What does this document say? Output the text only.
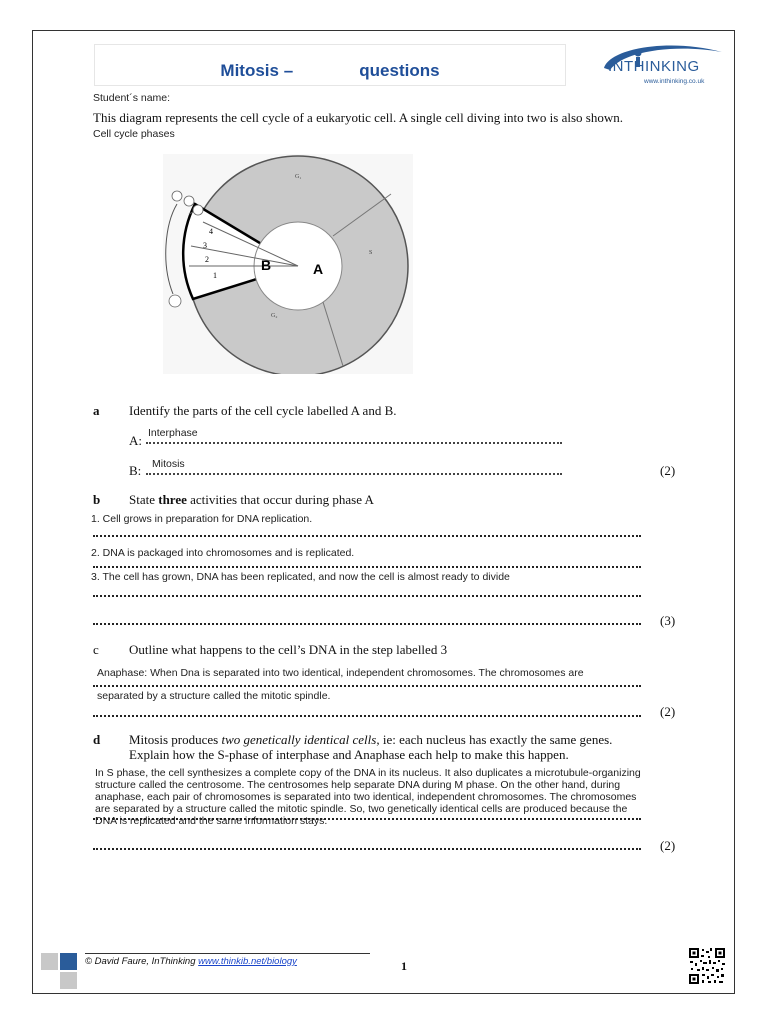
Mitosis –	questions	INTHINKING
www.inthinking.co.uk
Student´s name:
This diagram represents the cell cycle of a eukaryotic cell. A single cell diving into two is also shown.
Cell cycle phases
4
3
2
1
B	A
G₁
S
G₂
a Identify the parts of the cell cycle labelled A and B.
A: Interphase
B: Mitosis	(2)
b State three activities that occur during phase A
1. Cell grows in preparation for DNA replication.
2. DNA is packaged into chromosomes and is replicated.
3. The cell has grown, DNA has been replicated, and now the cell is almost ready to divide
(3)
c Outline what happens to the cell’s DNA in the step labelled 3
Anaphase: When Dna is separated into two identical, independent chromosomes. The chromosomes are
separated by a structure called the mitotic spindle.
(2)
d Mitosis produces two genetically identical cells, ie: each nucleus has exactly the same genes.
Explain how the S-phase of interphase and Anaphase each help to make this happen.
In S phase, the cell synthesizes a complete copy of the DNA in its nucleus. It also duplicates a microtubule-organizing structure called the centrosome. The centrosomes help separate DNA during M phase. On the other hand, during anaphase, each pair of chromosomes is separated into two identical, independent chromosomes. The chromosomes are separated by a structure called the mitotic spindle. So, two genetically identical cells are produced because the DNA is replicated and the same information stays.
(2)
© David Faure, InThinking www.thinkib.net/biology	1
